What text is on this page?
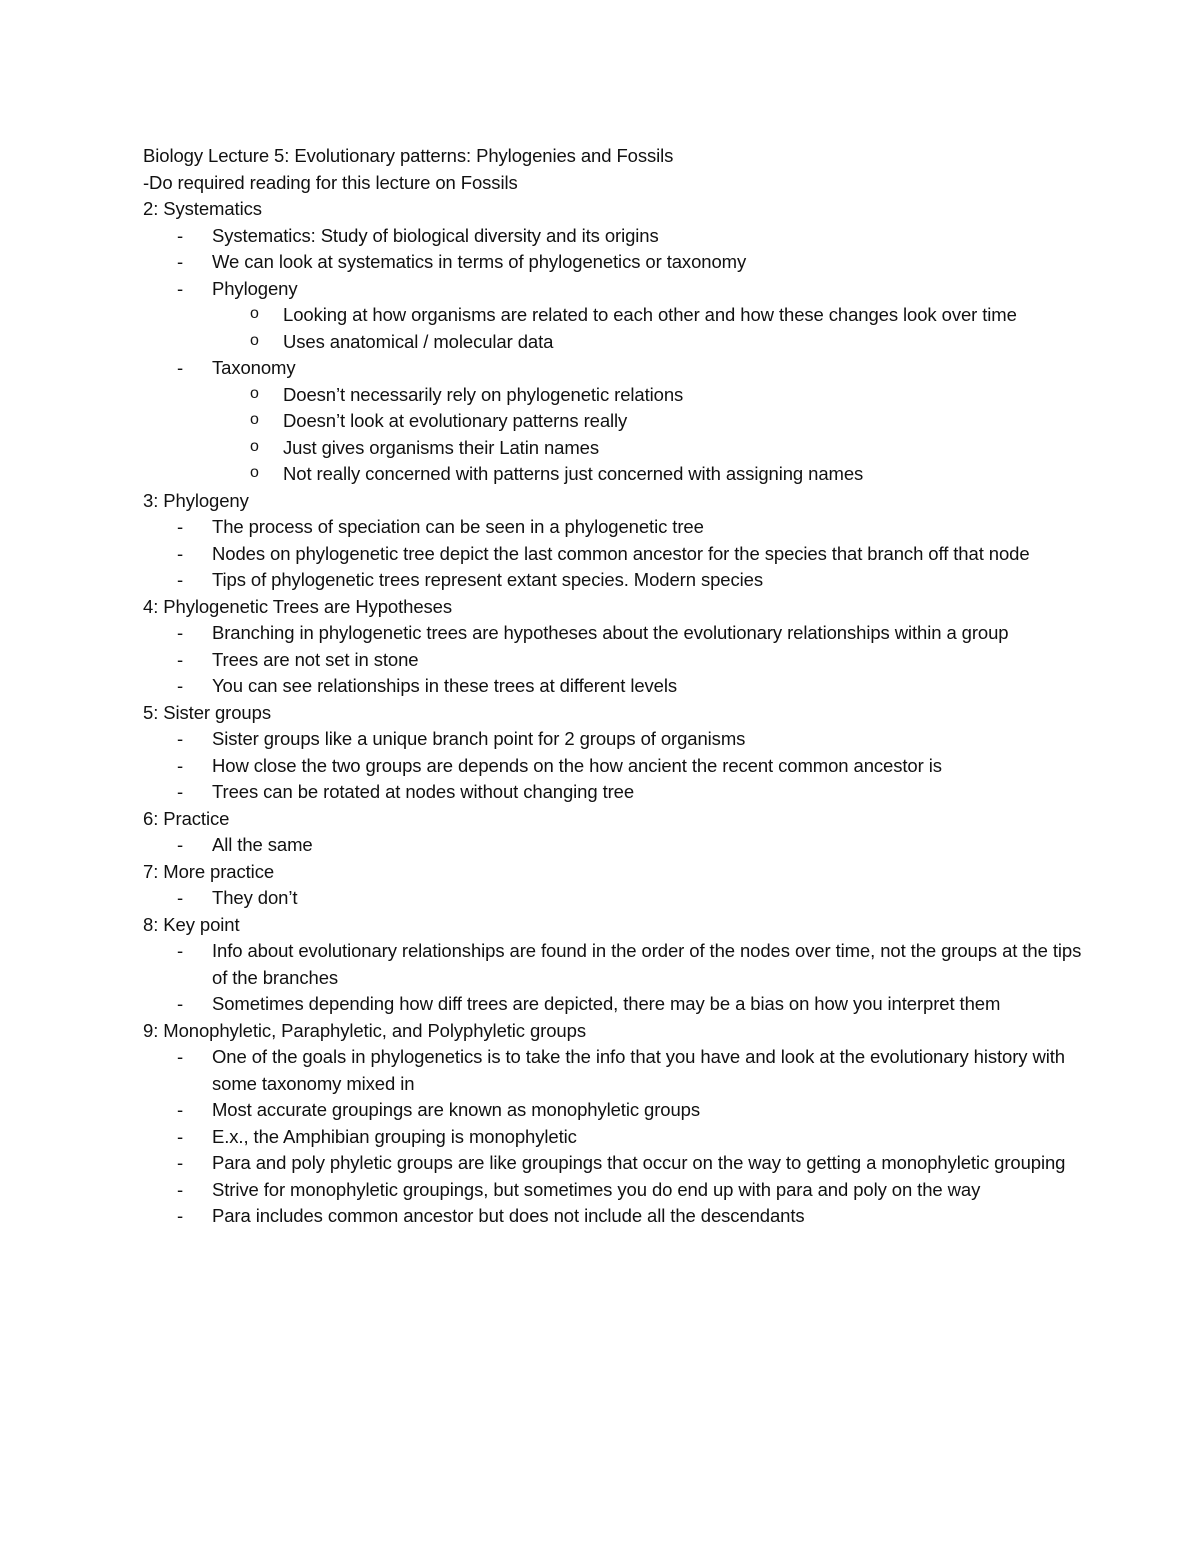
Biology Lecture 5: Evolutionary patterns: Phylogenies and Fossils

-Do required reading for this lecture on Fossils

2: Systematics

- Systematics: Study of biological diversity and its origins

- We can look at systematics in terms of phylogenetics or taxonomy

- Phylogeny

o Looking at how organisms are related to each other and how these changes look over time

o Uses anatomical / molecular data

- Taxonomy

o Doesn’t necessarily rely on phylogenetic relations

o Doesn’t look at evolutionary patterns really

o Just gives organisms their Latin names

o Not really concerned with patterns just concerned with assigning names

3: Phylogeny

- The process of speciation can be seen in a phylogenetic tree

- Nodes on phylogenetic tree depict the last common ancestor for the species that branch off that node

- Tips of phylogenetic trees represent extant species. Modern species

4: Phylogenetic Trees are Hypotheses

- Branching in phylogenetic trees are hypotheses about the evolutionary relationships within a group

- Trees are not set in stone

- You can see relationships in these trees at different levels

5: Sister groups

- Sister groups like a unique branch point for 2 groups of organisms

- How close the two groups are depends on the how ancient the recent common ancestor is

- Trees can be rotated at nodes without changing tree

6: Practice

- All the same

7: More practice

- They don’t

8: Key point

- Info about evolutionary relationships are found in the order of the nodes over time, not the groups at the tips of the branches

- Sometimes depending how diff trees are depicted, there may be a bias on how you interpret them

9: Monophyletic, Paraphyletic, and Polyphyletic groups

- One of the goals in phylogenetics is to take the info that you have and look at the evolutionary history with some taxonomy mixed in

- Most accurate groupings are known as monophyletic groups

- E.x., the Amphibian grouping is monophyletic

- Para and poly phyletic groups are like groupings that occur on the way to getting a monophyletic grouping

- Strive for monophyletic groupings, but sometimes you do end up with para and poly on the way

- Para includes common ancestor but does not include all the descendants
